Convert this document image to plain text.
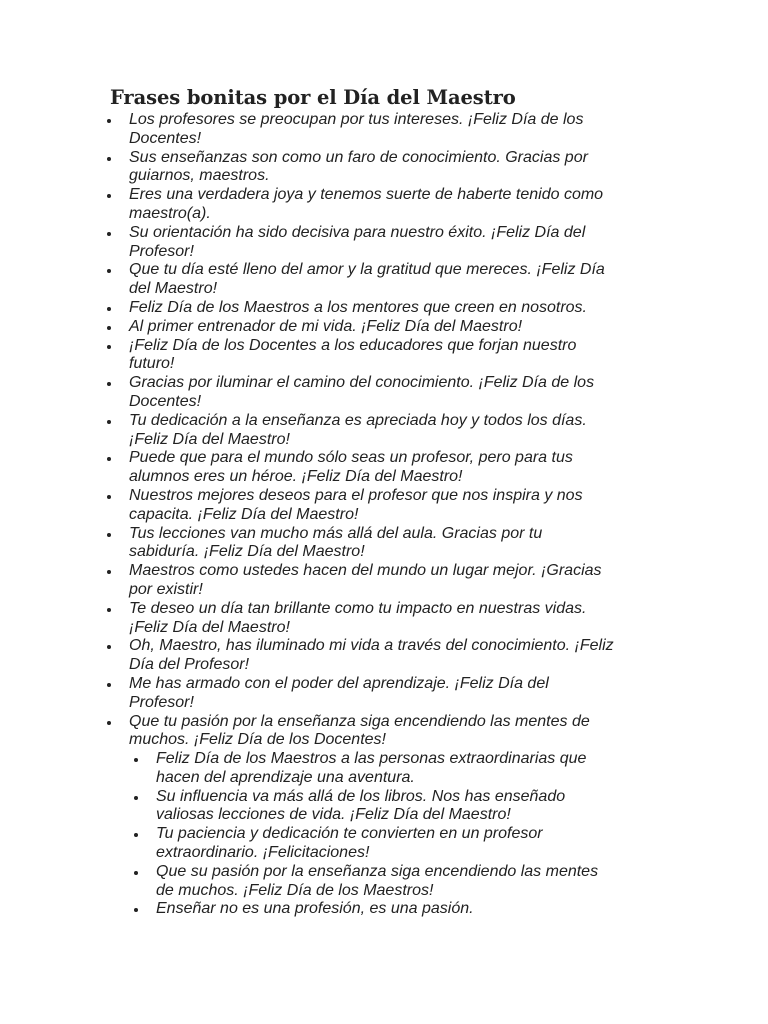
Frases bonitas por el Día del Maestro
Los profesores se preocupan por tus intereses. ¡Feliz Día de los
Docentes!
Sus enseñanzas son como un faro de conocimiento. Gracias por
guiarnos, maestros.
Eres una verdadera joya y tenemos suerte de haberte tenido como
maestro(a).
Su orientación ha sido decisiva para nuestro éxito. ¡Feliz Día del
Profesor!
Que tu día esté lleno del amor y la gratitud que mereces. ¡Feliz Día
del Maestro!
Feliz Día de los Maestros a los mentores que creen en nosotros.
Al primer entrenador de mi vida. ¡Feliz Día del Maestro!
¡Feliz Día de los Docentes a los educadores que forjan nuestro
futuro!
Gracias por iluminar el camino del conocimiento. ¡Feliz Día de los
Docentes!
Tu dedicación a la enseñanza es apreciada hoy y todos los días.
¡Feliz Día del Maestro!
Puede que para el mundo sólo seas un profesor, pero para tus
alumnos eres un héroe. ¡Feliz Día del Maestro!
Nuestros mejores deseos para el profesor que nos inspira y nos
capacita. ¡Feliz Día del Maestro!
Tus lecciones van mucho más allá del aula. Gracias por tu
sabiduría. ¡Feliz Día del Maestro!
Maestros como ustedes hacen del mundo un lugar mejor. ¡Gracias
por existir!
Te deseo un día tan brillante como tu impacto en nuestras vidas.
¡Feliz Día del Maestro!
Oh, Maestro, has iluminado mi vida a través del conocimiento. ¡Feliz
Día del Profesor!
Me has armado con el poder del aprendizaje. ¡Feliz Día del
Profesor!
Que tu pasión por la enseñanza siga encendiendo las mentes de
muchos. ¡Feliz Día de los Docentes!
Feliz Día de los Maestros a las personas extraordinarias que
hacen del aprendizaje una aventura.
Su influencia va más allá de los libros. Nos has enseñado
valiosas lecciones de vida. ¡Feliz Día del Maestro!
Tu paciencia y dedicación te convierten en un profesor
extraordinario. ¡Felicitaciones!
Que su pasión por la enseñanza siga encendiendo las mentes
de muchos. ¡Feliz Día de los Maestros!
Enseñar no es una profesión, es una pasión.
